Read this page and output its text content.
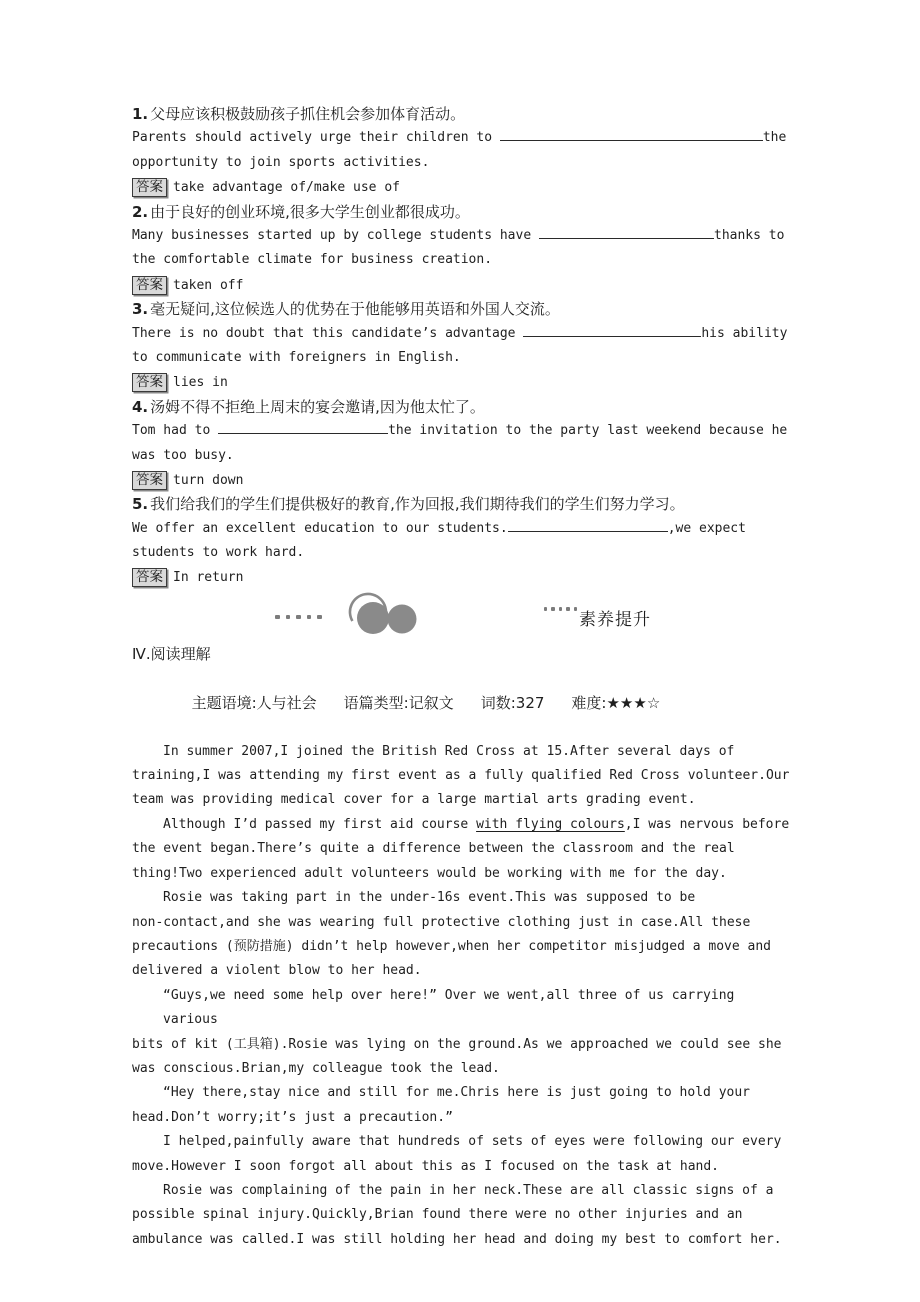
1. 父母应该积极鼓励孩子抓住机会参加体育活动。
Parents should actively urge their children to	the
opportunity to join sports activities.
答案 take advantage of/make use of
2. 由于良好的创业环境,很多大学生创业都很成功。
Many businesses started up by college students have	thanks to
the comfortable climate for business creation.
答案 taken off
3. 毫无疑问,这位候选人的优势在于他能够用英语和外国人交流。
There is no doubt that this candidate’s advantage	his ability
to communicate with foreigners in English.
答案 lies in
4. 汤姆不得不拒绝上周末的宴会邀请,因为他太忙了。
Tom had to	the invitation to the party last weekend because he
was too busy.
答案 turn down
5. 我们给我们的学生们提供极好的教育,作为回报,我们期待我们的学生们努力学习。
We offer an excellent education to our students.	,we expect
students to work hard.
答案 In return
素养提升
Ⅳ.阅读理解

主题语境:人与社会 语篇类型:记叙文 词数:327 难度:★★★☆

In summer 2007,I joined the British Red Cross at 15.After several days of
training,I was attending my first event as a fully qualified Red Cross volunteer.Our
team was providing medical cover for a large martial arts grading event.
Although I’d passed my first aid course with flying colours,I was nervous before
the event began.There’s quite a difference between the classroom and the real
thing!Two experienced adult volunteers would be working with me for the day.
Rosie was taking part in the under-16s event.This was supposed to be
non-contact,and she was wearing full protective clothing just in case.All these
precautions (预防措施) didn’t help however,when her competitor misjudged a move and
delivered a violent blow to her head.
“Guys,we need some help over here!” Over we went,all three of us carrying various
bits of kit (工具箱).Rosie was lying on the ground.As we approached we could see she
was conscious.Brian,my colleague took the lead.
“Hey there,stay nice and still for me.Chris here is just going to hold your
head.Don’t worry;it’s just a precaution.”
I helped,painfully aware that hundreds of sets of eyes were following our every
move.However I soon forgot all about this as I focused on the task at hand.
Rosie was complaining of the pain in her neck.These are all classic signs of a
possible spinal injury.Quickly,Brian found there were no other injuries and an
ambulance was called.I was still holding her head and doing my best to comfort her.
